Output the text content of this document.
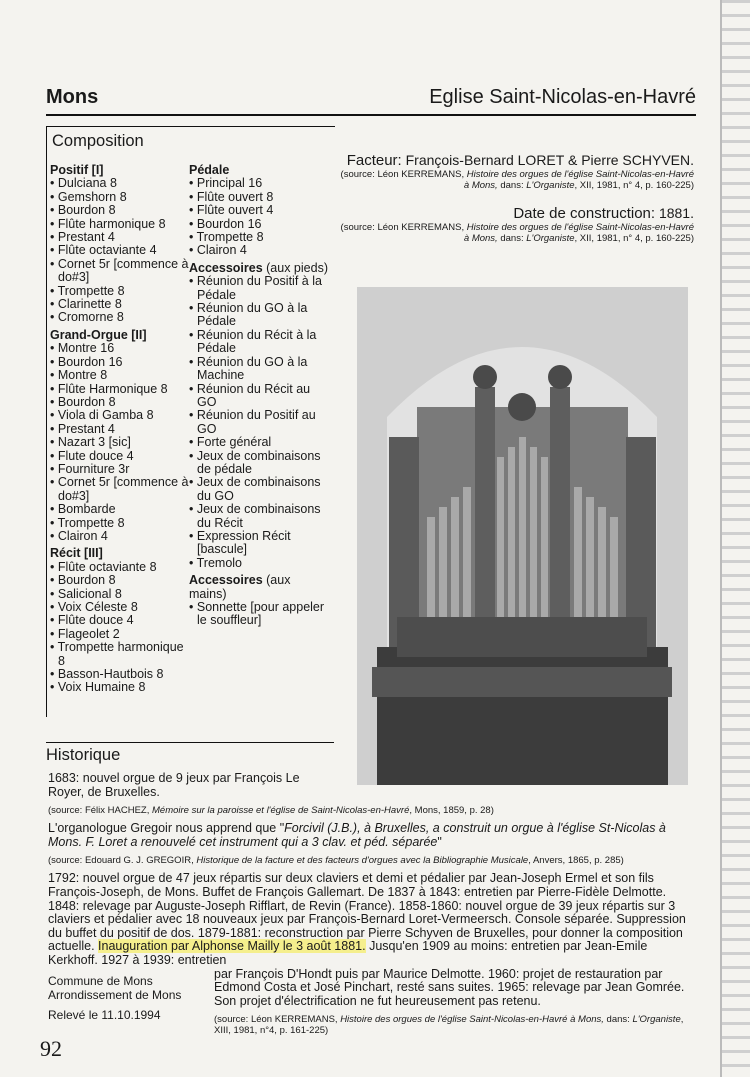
Mons	Eglise Saint-Nicolas-en-Havré
Composition
Positif [I]
• Dulciana 8
• Gemshorn 8
• Bourdon 8
• Flûte harmonique 8
• Prestant 4
• Flûte octaviante 4
• Cornet 5r [commence à do#3]
• Trompette 8
• Clarinette 8
• Cromorne 8
Grand-Orgue [II]
• Montre 16
• Bourdon 16
• Montre 8
• Flûte Harmonique 8
• Bourdon 8
• Viola di Gamba 8
• Prestant 4
• Nazart 3 [sic]
• Flute douce 4
• Fourniture 3r
• Cornet 5r [commence à do#3]
• Bombarde
• Trompette 8
• Clairon 4
Récit [III]
• Flûte octaviante 8
• Bourdon 8
• Salicional 8
• Voix Céleste 8
• Flûte douce 4
• Flageolet 2
• Trompette harmonique 8
• Basson-Hautbois 8
• Voix Humaine 8
Pédale
• Principal 16
• Flûte ouvert 8
• Flûte ouvert 4
• Bourdon 16
• Trompette 8
• Clairon 4
Accessoires (aux pieds)
• Réunion du Positif à la Pédale
• Réunion du GO à la Pédale
• Réunion du Récit à la Pédale
• Réunion du GO à la Machine
• Réunion du Récit au GO
• Réunion du Positif au GO
• Forte général
• Jeux de combinaisons de pédale
• Jeux de combinaisons du GO
• Jeux de combinaisons du Récit
• Expression Récit [bascule]
• Tremolo
Accessoires (aux mains)
• Sonnette [pour appeler le souffleur]
Facteur: François-Bernard LORET & Pierre SCHYVEN.
(source: Léon KERREMANS, Histoire des orgues de l'église Saint-Nicolas-en-Havré à Mons, dans: L'Organiste, XII, 1981, n° 4, p. 160-225)
Date de construction: 1881.
(source: Léon KERREMANS, Histoire des orgues de l'église Saint-Nicolas-en-Havré à Mons, dans: L'Organiste, XII, 1981, n° 4, p. 160-225)
Historique

1683: nouvel orgue de 9 jeux par François Le Royer, de Bruxelles.

(source: Félix HACHEZ, Mémoire sur la paroisse et l'église de Saint-Nicolas-en-Havré, Mons, 1859, p. 28)

L'organologue Gregoir nous apprend que "Forcivil (J.B.), à Bruxelles, a construit un orgue à l'église St-Nicolas à Mons. F. Loret a renouvelé cet instrument qui a 3 clav. et péd. séparée"

(source: Edouard G. J. GREGOIR, Historique de la facture et des facteurs d'orgues avec la Bibliographie Musicale, Anvers, 1865, p. 285)

1792: nouvel orgue de 47 jeux répartis sur deux claviers et demi et pédalier par Jean-Joseph Ermel et son fils François-Joseph, de Mons. Buffet de François Gallemart. De 1837 à 1843: entretien par Pierre-Fidèle Delmotte. 1848: relevage par Auguste-Joseph Rifflart, de Revin (France). 1858-1860: nouvel orgue de 39 jeux répartis sur 3 claviers et pédalier avec 18 nouveaux jeux par François-Bernard Loret-Vermeersch. Console séparée. Suppression du buffet du positif de dos. 1879-1881: reconstruction par Pierre Schyven de Bruxelles, pour donner la composition actuelle. Inauguration par Alphonse Mailly le 3 août 1881. Jusqu'en 1909 au moins: entretien par Jean-Emile Kerkhoff. 1927 à 1939: entretien

par François D'Hondt puis par Maurice Delmotte. 1960: projet de restauration par Edmond Costa et José Pinchart, resté sans suites. 1965: relevage par Jean Gomrée. Son projet d'électrification ne fut heureusement pas retenu.

(source: Léon KERREMANS, Histoire des orgues de l'église Saint-Nicolas-en-Havré à Mons, dans: L'Organiste, XIII, 1981, n°4, p. 161-225)

Commune de Mons
Arrondissement de Mons
Relevé le 11.10.1994
92
